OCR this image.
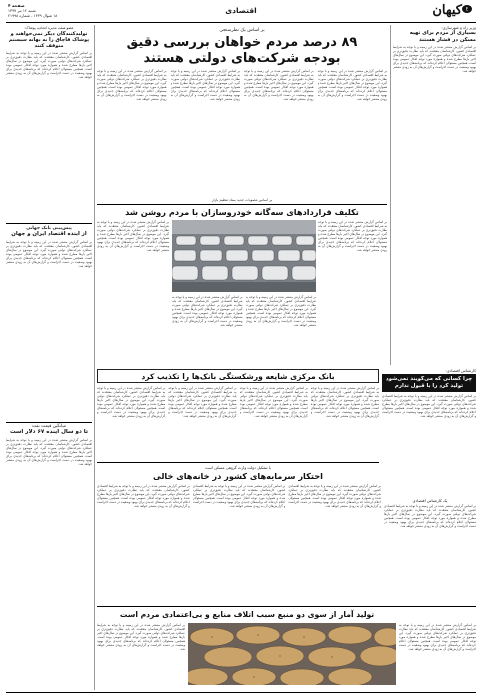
E
کیهان
اقتصادی
صفحه ۴
شنبه ۱۲ تیر ۱۳۹۷
۱۸ شوال ۱۴۳۹ - شماره ۲۱۹۹۸
عضو هیئت مدیره اتحادیه پوشاک:
تولیدکنندگان دیگر نمی‌خواهند و پوشاک قاچاق را به بهانه سیستم متوقف کنند
بر اساس گزارش منتشر شده در این زمینه و با توجه به شرایط اقتصادی کشور، کارشناسان معتقدند که باید نظارت دقیق‌تری بر عملکرد شرکت‌های دولتی صورت گیرد. این موضوع در سال‌های اخیر بارها مطرح شده و همواره مورد توجه افکار عمومی بوده است. همچنین مسئولان اعلام کرده‌اند که برنامه‌های جدیدی برای بهبود وضعیت در دست اجراست و گزارش‌های آن به زودی منتشر خواهد شد.
پیش‌بینی بانک جهانی
از آینده اقتصاد ایران و جهان
بر اساس گزارش منتشر شده در این زمینه و با توجه به شرایط اقتصادی کشور، کارشناسان معتقدند که باید نظارت دقیق‌تری بر عملکرد شرکت‌های دولتی صورت گیرد. این موضوع در سال‌های اخیر بارها مطرح شده و همواره مورد توجه افکار عمومی بوده است. همچنین مسئولان اعلام کرده‌اند که برنامه‌های جدیدی برای بهبود وضعیت در دست اجراست و گزارش‌های آن به زودی منتشر خواهد شد.
میانگین قیمت نفت
تا دو سال آینده ۶۷ دلار است
بر اساس گزارش منتشر شده در این زمینه و با توجه به شرایط اقتصادی کشور، کارشناسان معتقدند که باید نظارت دقیق‌تری بر عملکرد شرکت‌های دولتی صورت گیرد. این موضوع در سال‌های اخیر بارها مطرح شده و همواره مورد توجه افکار عمومی بوده است. همچنین مسئولان اعلام کرده‌اند که برنامه‌های جدیدی برای بهبود وضعیت در دست اجراست و گزارش‌های آن به زودی منتشر خواهد شد.
وزیر راه و شهرسازی:
بسیاری از مردم برای تهیه مسکن در فشار هستند
بر اساس گزارش منتشر شده در این زمینه و با توجه به شرایط اقتصادی کشور، کارشناسان معتقدند که باید نظارت دقیق‌تری بر عملکرد شرکت‌های دولتی صورت گیرد. این موضوع در سال‌های اخیر بارها مطرح شده و همواره مورد توجه افکار عمومی بوده است. همچنین مسئولان اعلام کرده‌اند که برنامه‌های جدیدی برای بهبود وضعیت در دست اجراست و گزارش‌های آن به زودی منتشر خواهد شد.
بر اساس یک نظرسنجی
۸۹ درصد مردم خواهان بررسی دقیق
بودجه شرکت‌های دولتی هستند
بر اساس گزارش منتشر شده در این زمینه و با توجه به شرایط اقتصادی کشور، کارشناسان معتقدند که باید نظارت دقیق‌تری بر عملکرد شرکت‌های دولتی صورت گیرد. این موضوع در سال‌های اخیر بارها مطرح شده و همواره مورد توجه افکار عمومی بوده است. همچنین مسئولان اعلام کرده‌اند که برنامه‌های جدیدی برای بهبود وضعیت در دست اجراست و گزارش‌های آن به زودی منتشر خواهد شد.
بر اساس گزارش منتشر شده در این زمینه و با توجه به شرایط اقتصادی کشور، کارشناسان معتقدند که باید نظارت دقیق‌تری بر عملکرد شرکت‌های دولتی صورت گیرد. این موضوع در سال‌های اخیر بارها مطرح شده و همواره مورد توجه افکار عمومی بوده است. همچنین مسئولان اعلام کرده‌اند که برنامه‌های جدیدی برای بهبود وضعیت در دست اجراست و گزارش‌های آن به زودی منتشر خواهد شد.
بر اساس گزارش منتشر شده در این زمینه و با توجه به شرایط اقتصادی کشور، کارشناسان معتقدند که باید نظارت دقیق‌تری بر عملکرد شرکت‌های دولتی صورت گیرد. این موضوع در سال‌های اخیر بارها مطرح شده و همواره مورد توجه افکار عمومی بوده است. همچنین مسئولان اعلام کرده‌اند که برنامه‌های جدیدی برای بهبود وضعیت در دست اجراست و گزارش‌های آن به زودی منتشر خواهد شد.
بر اساس گزارش منتشر شده در این زمینه و با توجه به شرایط اقتصادی کشور، کارشناسان معتقدند که باید نظارت دقیق‌تری بر عملکرد شرکت‌های دولتی صورت گیرد. این موضوع در سال‌های اخیر بارها مطرح شده و همواره مورد توجه افکار عمومی بوده است. همچنین مسئولان اعلام کرده‌اند که برنامه‌های جدیدی برای بهبود وضعیت در دست اجراست و گزارش‌های آن به زودی منتشر خواهد شد.
بر اساس مصوبات جدید ستاد تنظیم بازار
تکلیف قراردادهای سه‌گانه خودروسازان با مردم روشن شد
بر اساس گزارش منتشر شده در این زمینه و با توجه به شرایط اقتصادی کشور، کارشناسان معتقدند که باید نظارت دقیق‌تری بر عملکرد شرکت‌های دولتی صورت گیرد. این موضوع در سال‌های اخیر بارها مطرح شده و همواره مورد توجه افکار عمومی بوده است. همچنین مسئولان اعلام کرده‌اند که برنامه‌های جدیدی برای بهبود وضعیت در دست اجراست و گزارش‌های آن به زودی منتشر خواهد شد.
بر اساس گزارش منتشر شده در این زمینه و با توجه به شرایط اقتصادی کشور، کارشناسان معتقدند که باید نظارت دقیق‌تری بر عملکرد شرکت‌های دولتی صورت گیرد. این موضوع در سال‌های اخیر بارها مطرح شده و همواره مورد توجه افکار عمومی بوده است. همچنین مسئولان اعلام کرده‌اند که برنامه‌های جدیدی برای بهبود وضعیت در دست اجراست و گزارش‌های آن به زودی منتشر خواهد شد.
بر اساس گزارش منتشر شده در این زمینه و با توجه به شرایط اقتصادی کشور، کارشناسان معتقدند که باید نظارت دقیق‌تری بر عملکرد شرکت‌های دولتی صورت گیرد. این موضوع در سال‌های اخیر بارها مطرح شده و همواره مورد توجه افکار عمومی بوده است. همچنین مسئولان اعلام کرده‌اند که برنامه‌های جدیدی برای بهبود وضعیت در دست اجراست و گزارش‌های آن به زودی منتشر خواهد شد.
بر اساس گزارش منتشر شده در این زمینه و با توجه به شرایط اقتصادی کشور، کارشناسان معتقدند که باید نظارت دقیق‌تری بر عملکرد شرکت‌های دولتی صورت گیرد. این موضوع در سال‌های اخیر بارها مطرح شده و همواره مورد توجه افکار عمومی بوده است. همچنین مسئولان اعلام کرده‌اند که برنامه‌های جدیدی برای بهبود وضعیت در دست اجراست و گزارش‌های آن به زودی منتشر خواهد شد.
بانک مرکزی شایعه ورشکستگی بانک‌ها را تکذیب کرد
بر اساس گزارش منتشر شده در این زمینه و با توجه به شرایط اقتصادی کشور، کارشناسان معتقدند که باید نظارت دقیق‌تری بر عملکرد شرکت‌های دولتی صورت گیرد. این موضوع در سال‌های اخیر بارها مطرح شده و همواره مورد توجه افکار عمومی بوده است. همچنین مسئولان اعلام کرده‌اند که برنامه‌های جدیدی برای بهبود وضعیت در دست اجراست و گزارش‌های آن به زودی منتشر خواهد شد.
بر اساس گزارش منتشر شده در این زمینه و با توجه به شرایط اقتصادی کشور، کارشناسان معتقدند که باید نظارت دقیق‌تری بر عملکرد شرکت‌های دولتی صورت گیرد. این موضوع در سال‌های اخیر بارها مطرح شده و همواره مورد توجه افکار عمومی بوده است. همچنین مسئولان اعلام کرده‌اند که برنامه‌های جدیدی برای بهبود وضعیت در دست اجراست و گزارش‌های آن به زودی منتشر خواهد شد.
بر اساس گزارش منتشر شده در این زمینه و با توجه به شرایط اقتصادی کشور، کارشناسان معتقدند که باید نظارت دقیق‌تری بر عملکرد شرکت‌های دولتی صورت گیرد. این موضوع در سال‌های اخیر بارها مطرح شده و همواره مورد توجه افکار عمومی بوده است. همچنین مسئولان اعلام کرده‌اند که برنامه‌های جدیدی برای بهبود وضعیت در دست اجراست و گزارش‌های آن به زودی منتشر خواهد شد.
بر اساس گزارش منتشر شده در این زمینه و با توجه به شرایط اقتصادی کشور، کارشناسان معتقدند که باید نظارت دقیق‌تری بر عملکرد شرکت‌های دولتی صورت گیرد. این موضوع در سال‌های اخیر بارها مطرح شده و همواره مورد توجه افکار عمومی بوده است. همچنین مسئولان اعلام کرده‌اند که برنامه‌های جدیدی برای بهبود وضعیت در دست اجراست و گزارش‌های آن به زودی منتشر خواهد شد.
کارشناس اقتصادی:
چرا کسانی که می‌گویند نمی‌شود تولید کرد را با قبول ندارم
بر اساس گزارش منتشر شده در این زمینه و با توجه به شرایط اقتصادی کشور، کارشناسان معتقدند که باید نظارت دقیق‌تری بر عملکرد شرکت‌های دولتی صورت گیرد. این موضوع در سال‌های اخیر بارها مطرح شده و همواره مورد توجه افکار عمومی بوده است. همچنین مسئولان اعلام کرده‌اند که برنامه‌های جدیدی برای بهبود وضعیت در دست اجراست و گزارش‌های آن به زودی منتشر خواهد شد.
با تشکیل دولت وارث گروهی مسکن است
احتکار سرمایه‌های کشور در خانه‌های خالی
بر اساس گزارش منتشر شده در این زمینه و با توجه به شرایط اقتصادی کشور، کارشناسان معتقدند که باید نظارت دقیق‌تری بر عملکرد شرکت‌های دولتی صورت گیرد. این موضوع در سال‌های اخیر بارها مطرح شده و همواره مورد توجه افکار عمومی بوده است. همچنین مسئولان اعلام کرده‌اند که برنامه‌های جدیدی برای بهبود وضعیت در دست اجراست و گزارش‌های آن به زودی منتشر خواهد شد.
بر اساس گزارش منتشر شده در این زمینه و با توجه به شرایط اقتصادی کشور، کارشناسان معتقدند که باید نظارت دقیق‌تری بر عملکرد شرکت‌های دولتی صورت گیرد. این موضوع در سال‌های اخیر بارها مطرح شده و همواره مورد توجه افکار عمومی بوده است. همچنین مسئولان اعلام کرده‌اند که برنامه‌های جدیدی برای بهبود وضعیت در دست اجراست و گزارش‌های آن به زودی منتشر خواهد شد.
بر اساس گزارش منتشر شده در این زمینه و با توجه به شرایط اقتصادی کشور، کارشناسان معتقدند که باید نظارت دقیق‌تری بر عملکرد شرکت‌های دولتی صورت گیرد. این موضوع در سال‌های اخیر بارها مطرح شده و همواره مورد توجه افکار عمومی بوده است. همچنین مسئولان اعلام کرده‌اند که برنامه‌های جدیدی برای بهبود وضعیت در دست اجراست و گزارش‌های آن به زودی منتشر خواهد شد.
یک کارشناس اقتصادی
بر اساس گزارش منتشر شده در این زمینه و با توجه به شرایط اقتصادی کشور، کارشناسان معتقدند که باید نظارت دقیق‌تری بر عملکرد شرکت‌های دولتی صورت گیرد. این موضوع در سال‌های اخیر بارها مطرح شده و همواره مورد توجه افکار عمومی بوده است. همچنین مسئولان اعلام کرده‌اند که برنامه‌های جدیدی برای بهبود وضعیت در دست اجراست و گزارش‌های آن به زودی منتشر خواهد شد.
تولید آمار از سوی دو منبع سبب اتلاف منابع و بی‌اعتمادی مردم است
بر اساس گزارش منتشر شده در این زمینه و با توجه به شرایط اقتصادی کشور، کارشناسان معتقدند که باید نظارت دقیق‌تری بر عملکرد شرکت‌های دولتی صورت گیرد. این موضوع در سال‌های اخیر بارها مطرح شده و همواره مورد توجه افکار عمومی بوده است. همچنین مسئولان اعلام کرده‌اند که برنامه‌های جدیدی برای بهبود وضعیت در دست اجراست و گزارش‌های آن به زودی منتشر خواهد شد.
بر اساس گزارش منتشر شده در این زمینه و با توجه به شرایط اقتصادی کشور، کارشناسان معتقدند که باید نظارت دقیق‌تری بر عملکرد شرکت‌های دولتی صورت گیرد. این موضوع در سال‌های اخیر بارها مطرح شده و همواره مورد توجه افکار عمومی بوده است. همچنین مسئولان اعلام کرده‌اند که برنامه‌های جدیدی برای بهبود وضعیت در دست اجراست و گزارش‌های آن به زودی منتشر خواهد شد.
